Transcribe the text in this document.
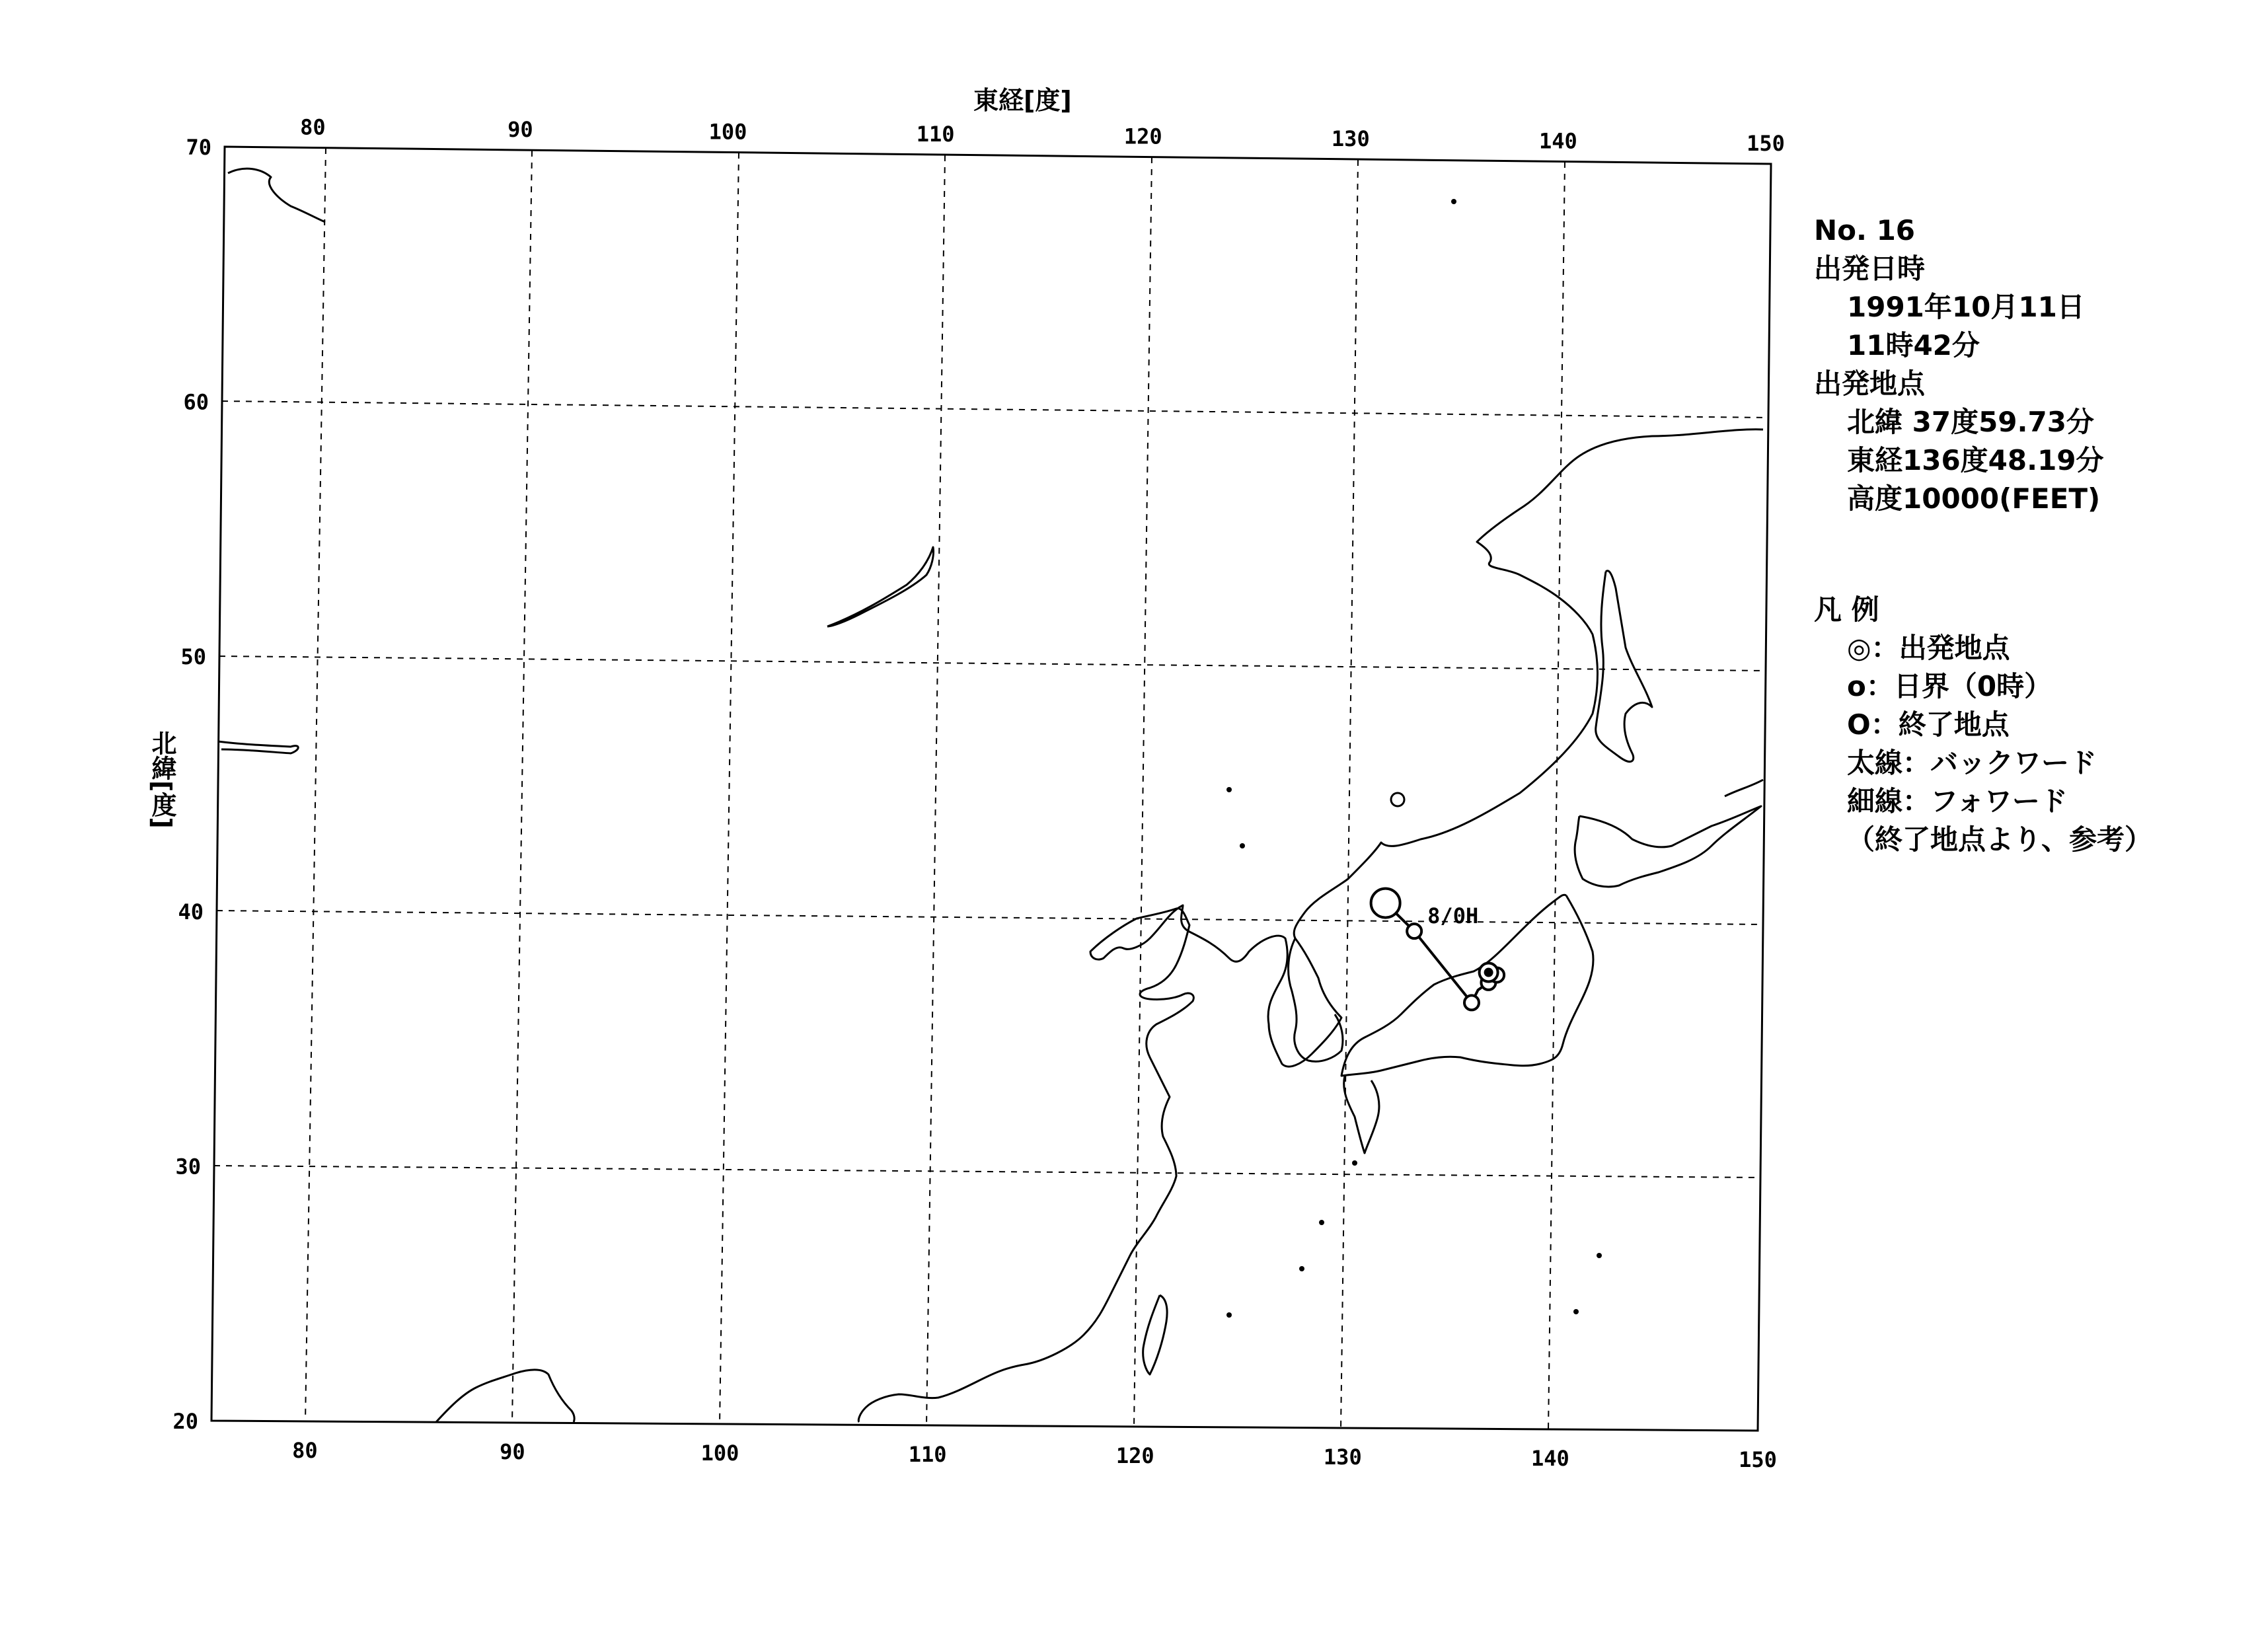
8/0H
東経[度]
北緯[度]
80
80
90
90
100
100
110
110
120
120
130
130
140
140
150
150
70
60
50
40
30
20
No. 16
出発日時
1991年10月11日
11時42分
出発地点
北緯 37度59.73分
東経136度48.19分
高度10000(FEET)
凡 例
◎：出発地点
o：日界（0時）
O：終了地点
太線：バックワード
細線：フォワード
（終了地点より、参考）
